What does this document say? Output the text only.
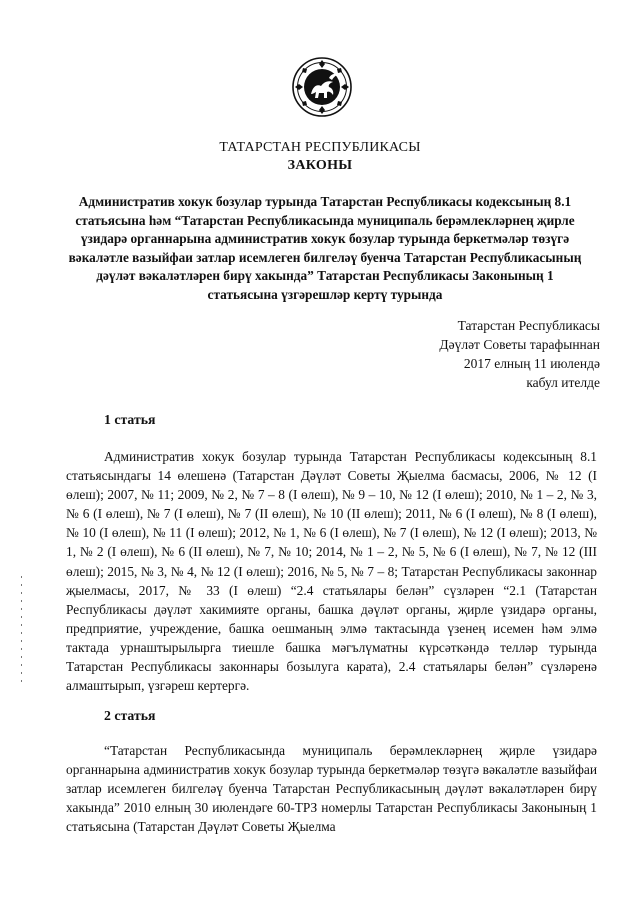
ТАТАРСТАН РЕСПУБЛИКАСЫ
ЗАКОНЫ
Административ хокук бозулар турында Татарстан Республикасы кодексының 8.1 статьясына һәм “Татарстан Республикасында муниципаль берәмлекләрнең җирле үзидарә органнарына административ хокук бозулар турында беркетмәләр төзүгә вәкаләтле вазыйфаи затлар исемлеген билгеләү буенча Татарстан Республикасының дәүләт вәкаләтләрен бирү хакында” Татарстан Республикасы Законының 1 статьясына үзгәрешләр кертү турында
Татарстан Республикасы
Дәүләт Советы тарафыннан
2017 елның 11 июлендә
кабул ителде
1 статья
Административ хокук бозулар турында Татарстан Республикасы кодексының 8.1 статьясындагы 14 өлешенә (Татарстан Дәүләт Советы Җыелма басмасы, 2006, № 12 (I өлеш); 2007, № 11; 2009, № 2, № 7 – 8 (I өлеш), № 9 – 10, № 12 (I өлеш); 2010, № 1 – 2, № 3, № 6 (I өлеш), № 7 (I өлеш), № 7 (II өлеш), № 10 (II өлеш); 2011, № 6 (I өлеш), № 8 (I өлеш), № 10 (I өлеш), № 11 (I өлеш); 2012, № 1, № 6 (I өлеш), № 7 (I өлеш), № 12 (I өлеш); 2013, № 1, № 2 (I өлеш), № 6 (II өлеш), № 7, № 10; 2014, № 1 – 2, № 5, № 6 (I өлеш), № 7, № 12 (III өлеш); 2015, № 3, № 4, № 12 (I өлеш); 2016, № 5, № 7 – 8; Татарстан Республикасы законнар җыелмасы, 2017, № 33 (I өлеш) “2.4 статьялары белән” сүзләрен “2.1 (Татарстан Республикасы дәүләт хакимияте органы, башка дәүләт органы, җирле үзидарә органы, предприятие, учреждение, башка оешманың элмә тактасында үзенең исемен һәм элмә тактада урнаштырылырга тиешле башка мәгълүматны күрсәткәндә телләр турында Татарстан Республикасы законнары бозылуга карата), 2.4 статьялары белән” сүзләренә алмаштырып, үзгәреш кертергә.
2 статья
“Татарстан Республикасында муниципаль берәмлекләрнең җирле үзидарә органнарына административ хокук бозулар турында беркетмәләр төзүгә вәкаләтле вазыйфаи затлар исемлеген билгеләү буенча Татарстан Республикасының дәүләт вәкаләтләрен бирү хакында” 2010 елның 30 июлендәге 60-ТРЗ номерлы Татарстан Республикасы Законының 1 статьясына (Татарстан Дәүләт Советы Җыелма
